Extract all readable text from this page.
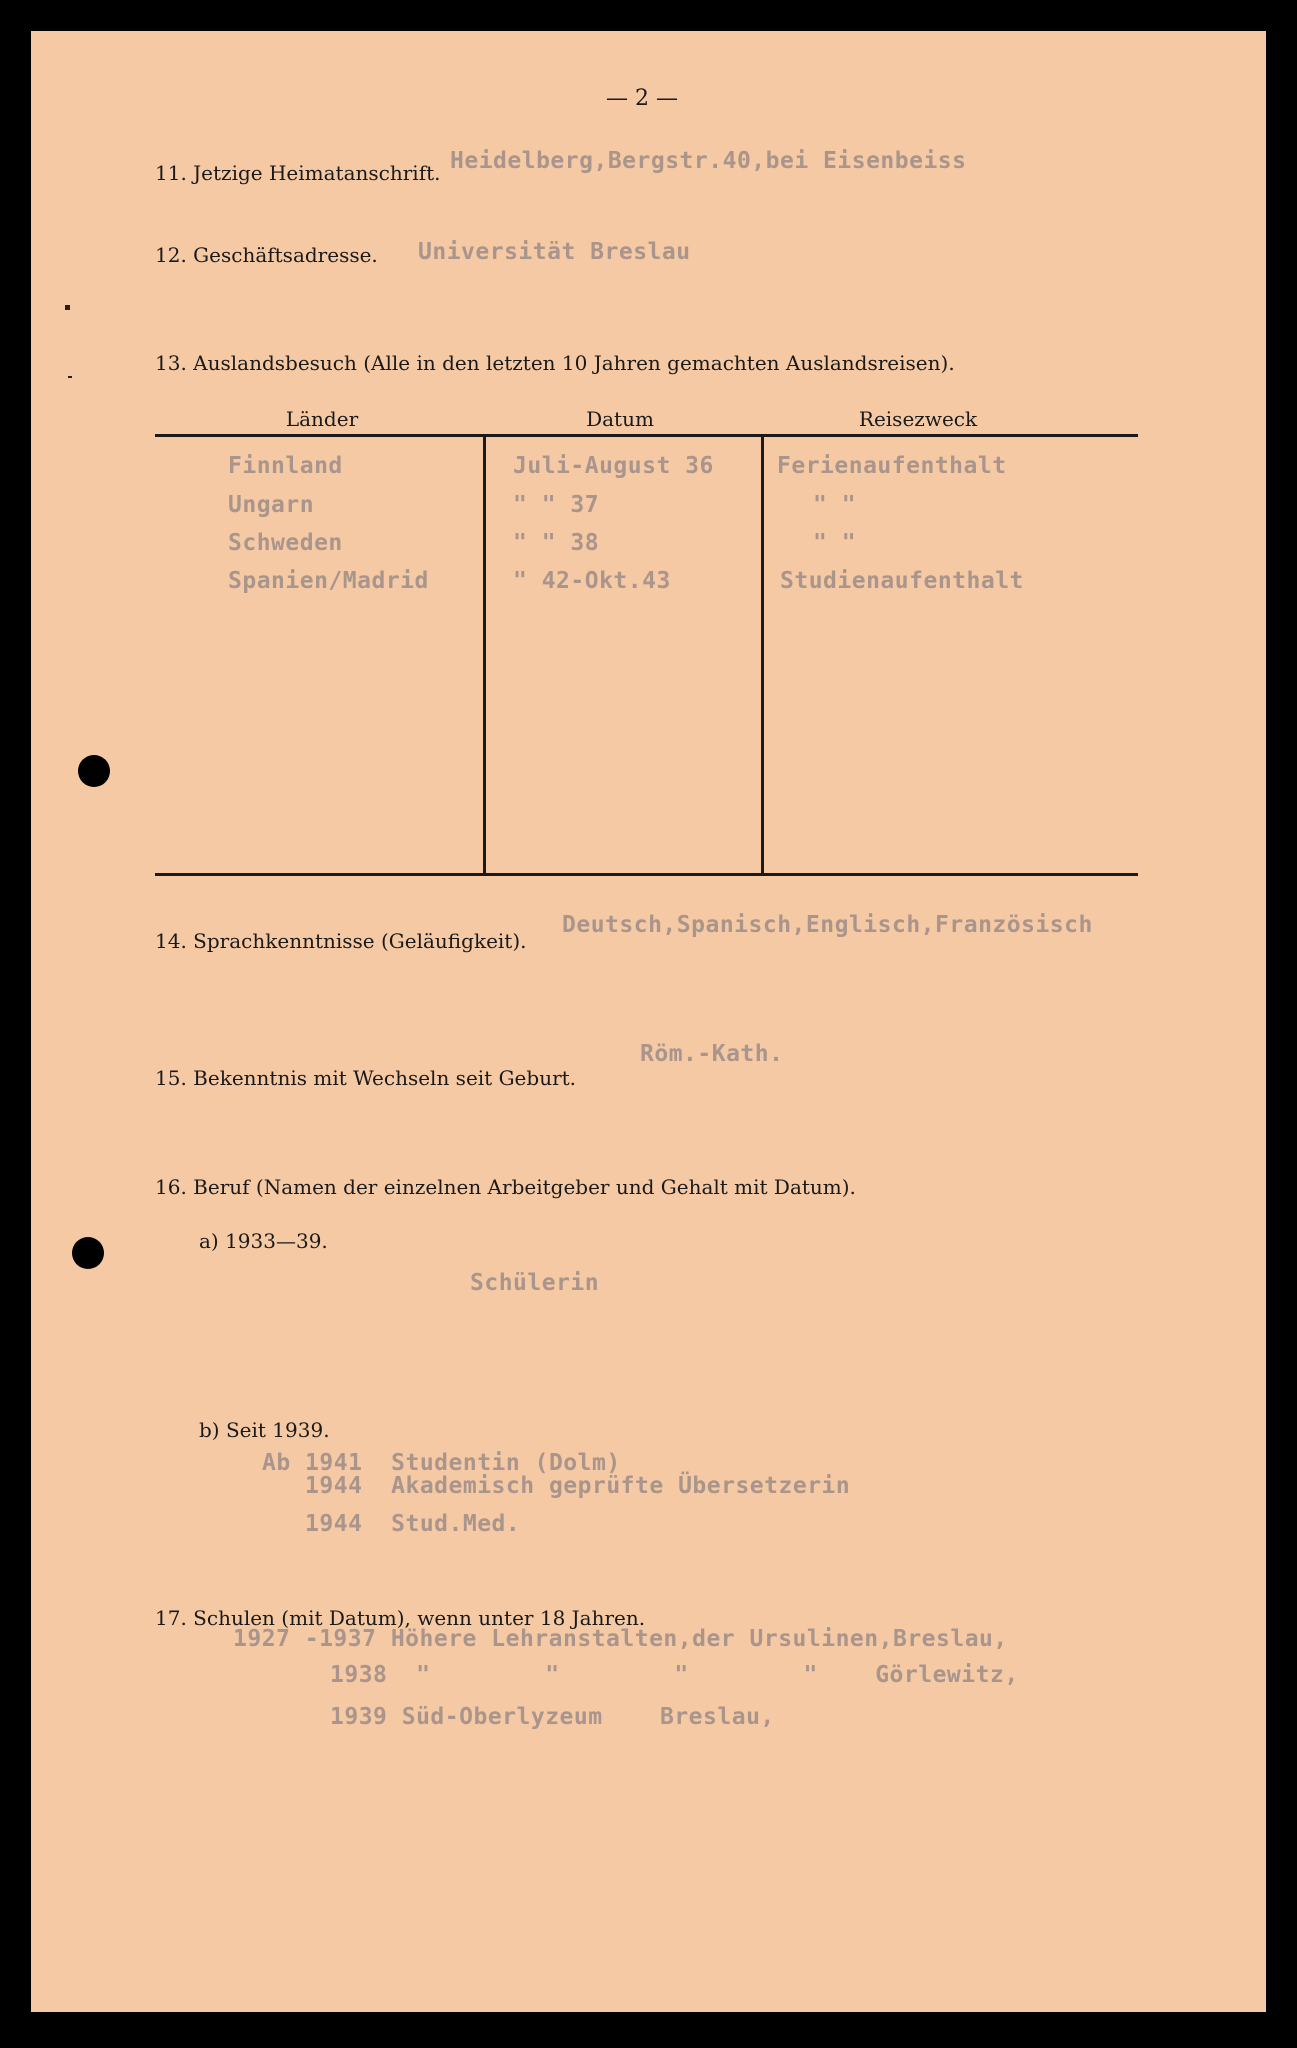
— 2 —
11. Jetzige Heimatanschrift. Heidelberg,Bergstr.40,bei Eisenbeiss
12. Geschäftsadresse. Universität Breslau
13. Auslandsbesuch (Alle in den letzten 10 Jahren gemachten Auslandsreisen).
Länder	Datum	Reisezweck
Finnland	Juli-August 36	Ferienaufenthalt
Ungarn	" " 37	" "
Schweden	" " 38	" "
Spanien/Madrid	" 42-Okt.43	Studienaufenthalt
14. Sprachkenntnisse (Geläufigkeit).
Deutsch,Spanisch,Englisch,Französisch
15. Bekenntnis mit Wechseln seit Geburt.
Röm.-Kath.
16. Beruf (Namen der einzelnen Arbeitgeber und Gehalt mit Datum).
a) 1933—39.
Schülerin
b) Seit 1939.
Ab 1941  Studentin (Dolm)
1944  Akademisch geprüfte Übersetzerin
1944  Stud.Med.
17. Schulen (mit Datum), wenn unter 18 Jahren.
1927 -1937 Höhere Lehranstalten,der Ursulinen,Breslau,
1938  "        "        "        "    Görlewitz,
1939 Süd-Oberlyzeum    Breslau,
